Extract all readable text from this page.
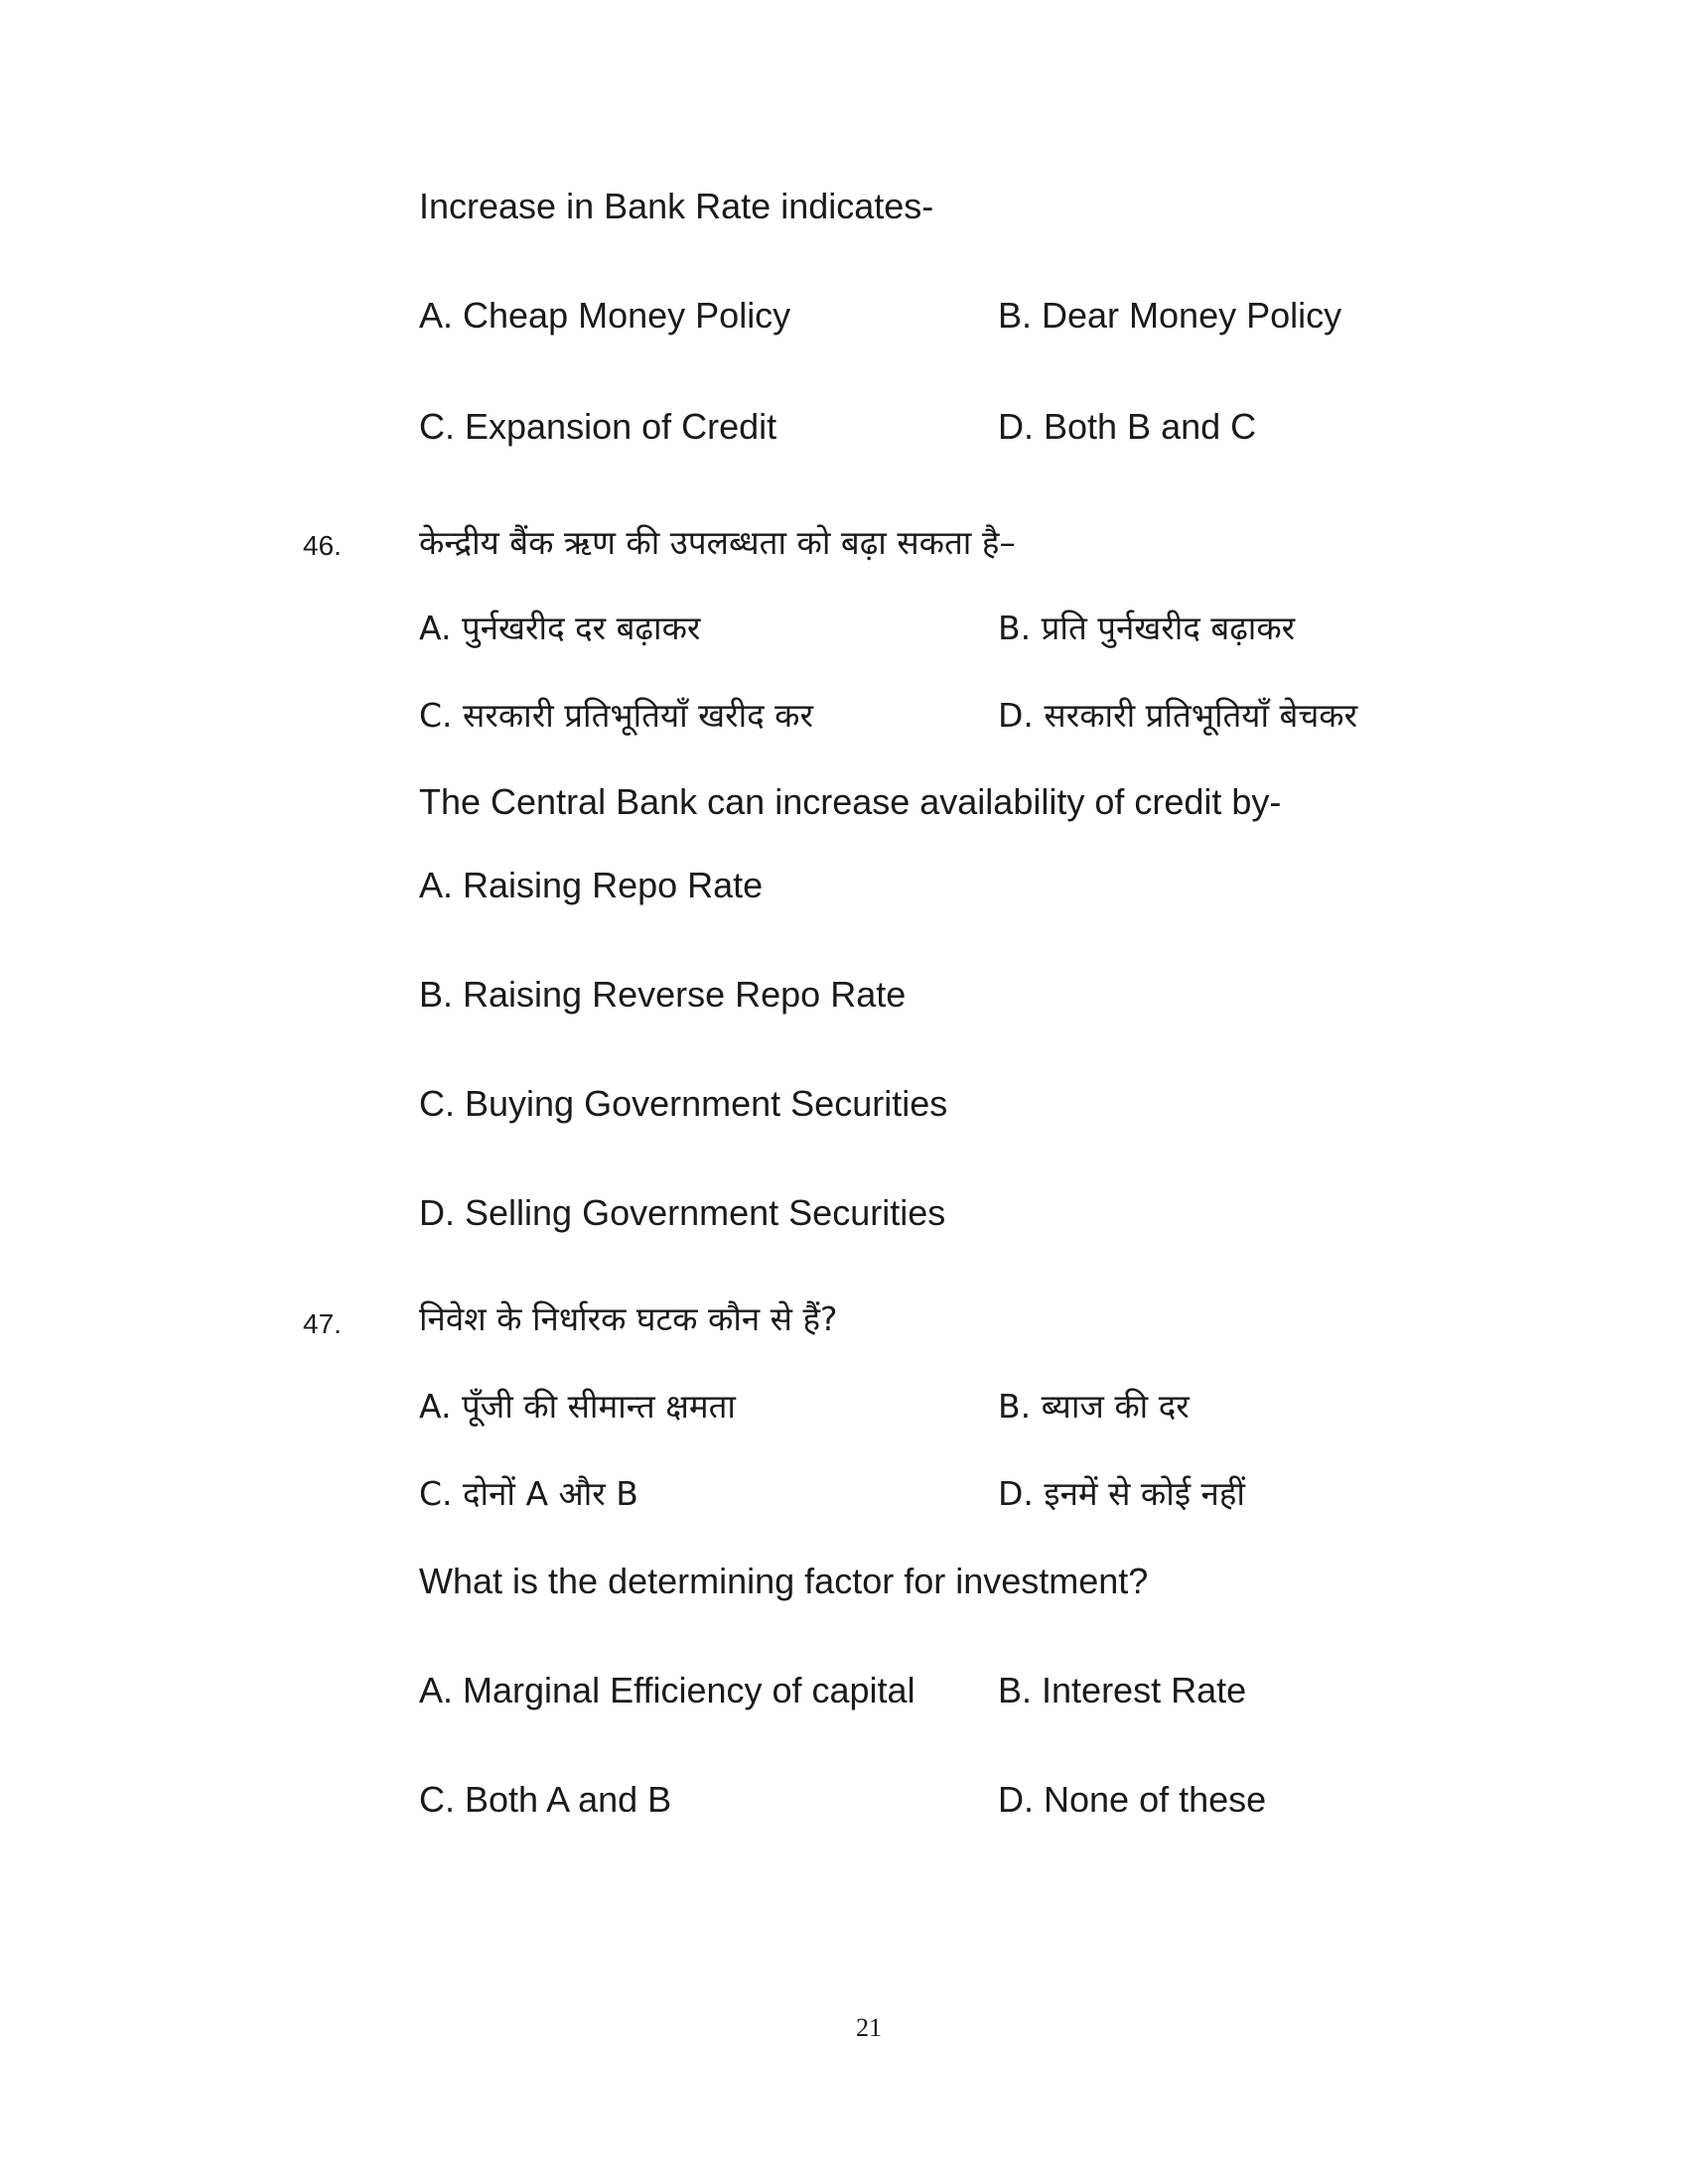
Increase in Bank Rate indicates-
A. Cheap Money Policy	B. Dear Money Policy
C. Expansion of Credit	D. Both B and C
46. केन्द्रीय बैंक ऋण की उपलब्धता को बढ़ा सकता है–
A. पुर्नखरीद दर बढ़ाकर	B. प्रति पुर्नखरीद बढ़ाकर
C. सरकारी प्रतिभूतियाँ खरीद कर	D. सरकारी प्रतिभूतियाँ बेचकर
The Central Bank can increase availability of credit by-
A. Raising Repo Rate
B. Raising Reverse Repo Rate
C. Buying Government Securities
D. Selling Government Securities
47. निवेश के निर्धारक घटक कौन से हैं?
A. पूँजी की सीमान्त क्षमता	B. ब्याज की दर
C. दोनों A और B	D. इनमें से कोई नहीं
What is the determining factor for investment?
A. Marginal Efficiency of capital B. Interest Rate
C. Both A and B	D. None of these
21
